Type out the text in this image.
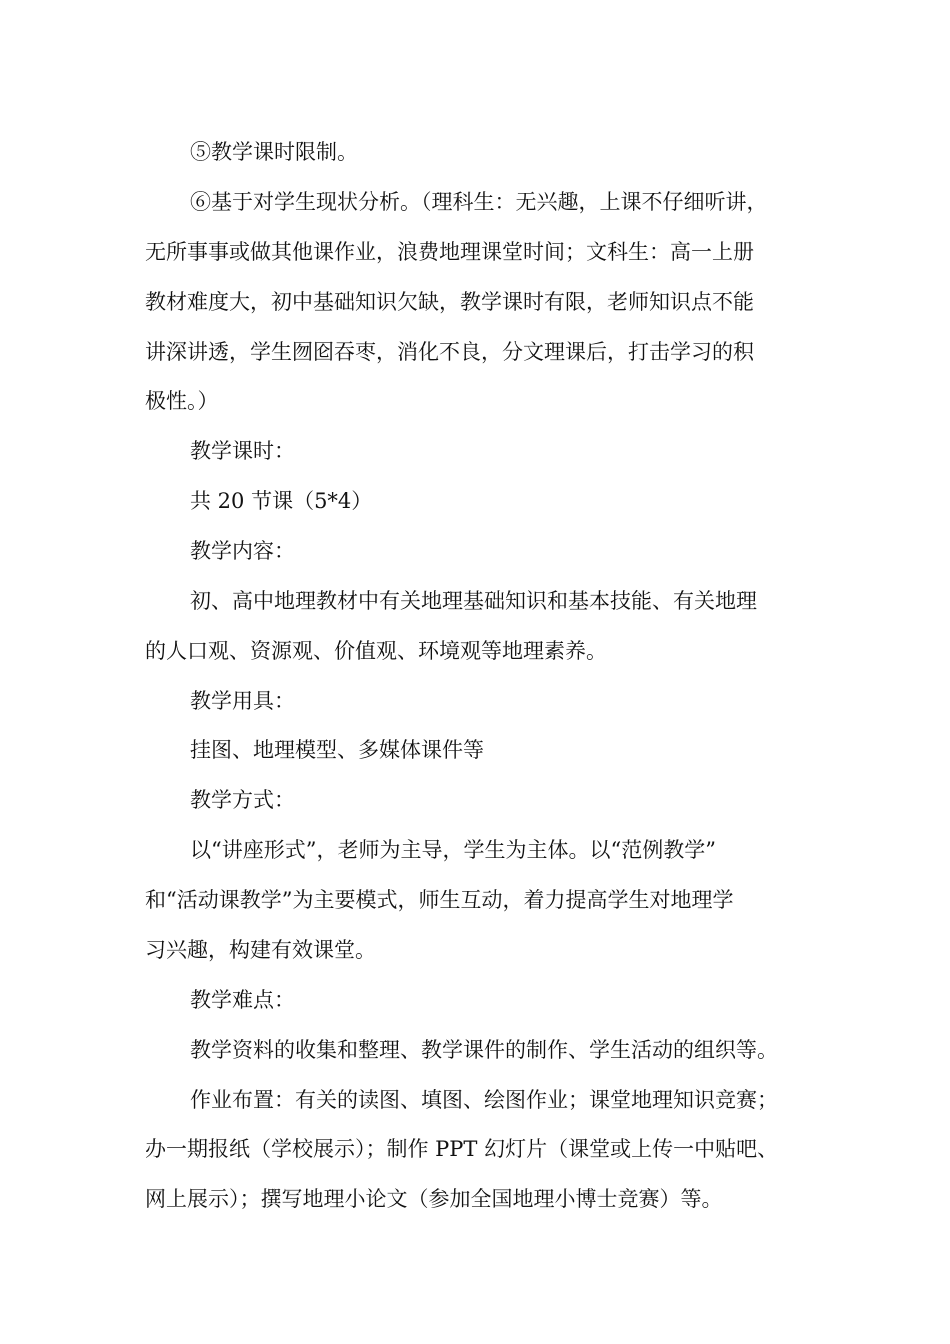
⑤教学课时限制。
⑥基于对学生现状分析。（理科生：无兴趣，上课不仔细听讲，
无所事事或做其他课作业，浪费地理课堂时间；文科生：高一上册
教材难度大，初中基础知识欠缺，教学课时有限，老师知识点不能
讲深讲透，学生囫囵吞枣，消化不良，分文理课后，打击学习的积
极性。）
教学课时：
共 20 节课（5*4）
教学内容：
初、高中地理教材中有关地理基础知识和基本技能、有关地理
的人口观、资源观、价值观、环境观等地理素养。
教学用具：
挂图、地理模型、多媒体课件等
教学方式：
以“讲座形式”，老师为主导，学生为主体。以“范例教学”
和“活动课教学”为主要模式，师生互动，着力提高学生对地理学
习兴趣，构建有效课堂。
教学难点：
教学资料的收集和整理、教学课件的制作、学生活动的组织等。
作业布置：有关的读图、填图、绘图作业；课堂地理知识竞赛；
办一期报纸（学校展示）；制作 PPT 幻灯片（课堂或上传一中贴吧、
网上展示）；撰写地理小论文（参加全国地理小博士竞赛）等。
